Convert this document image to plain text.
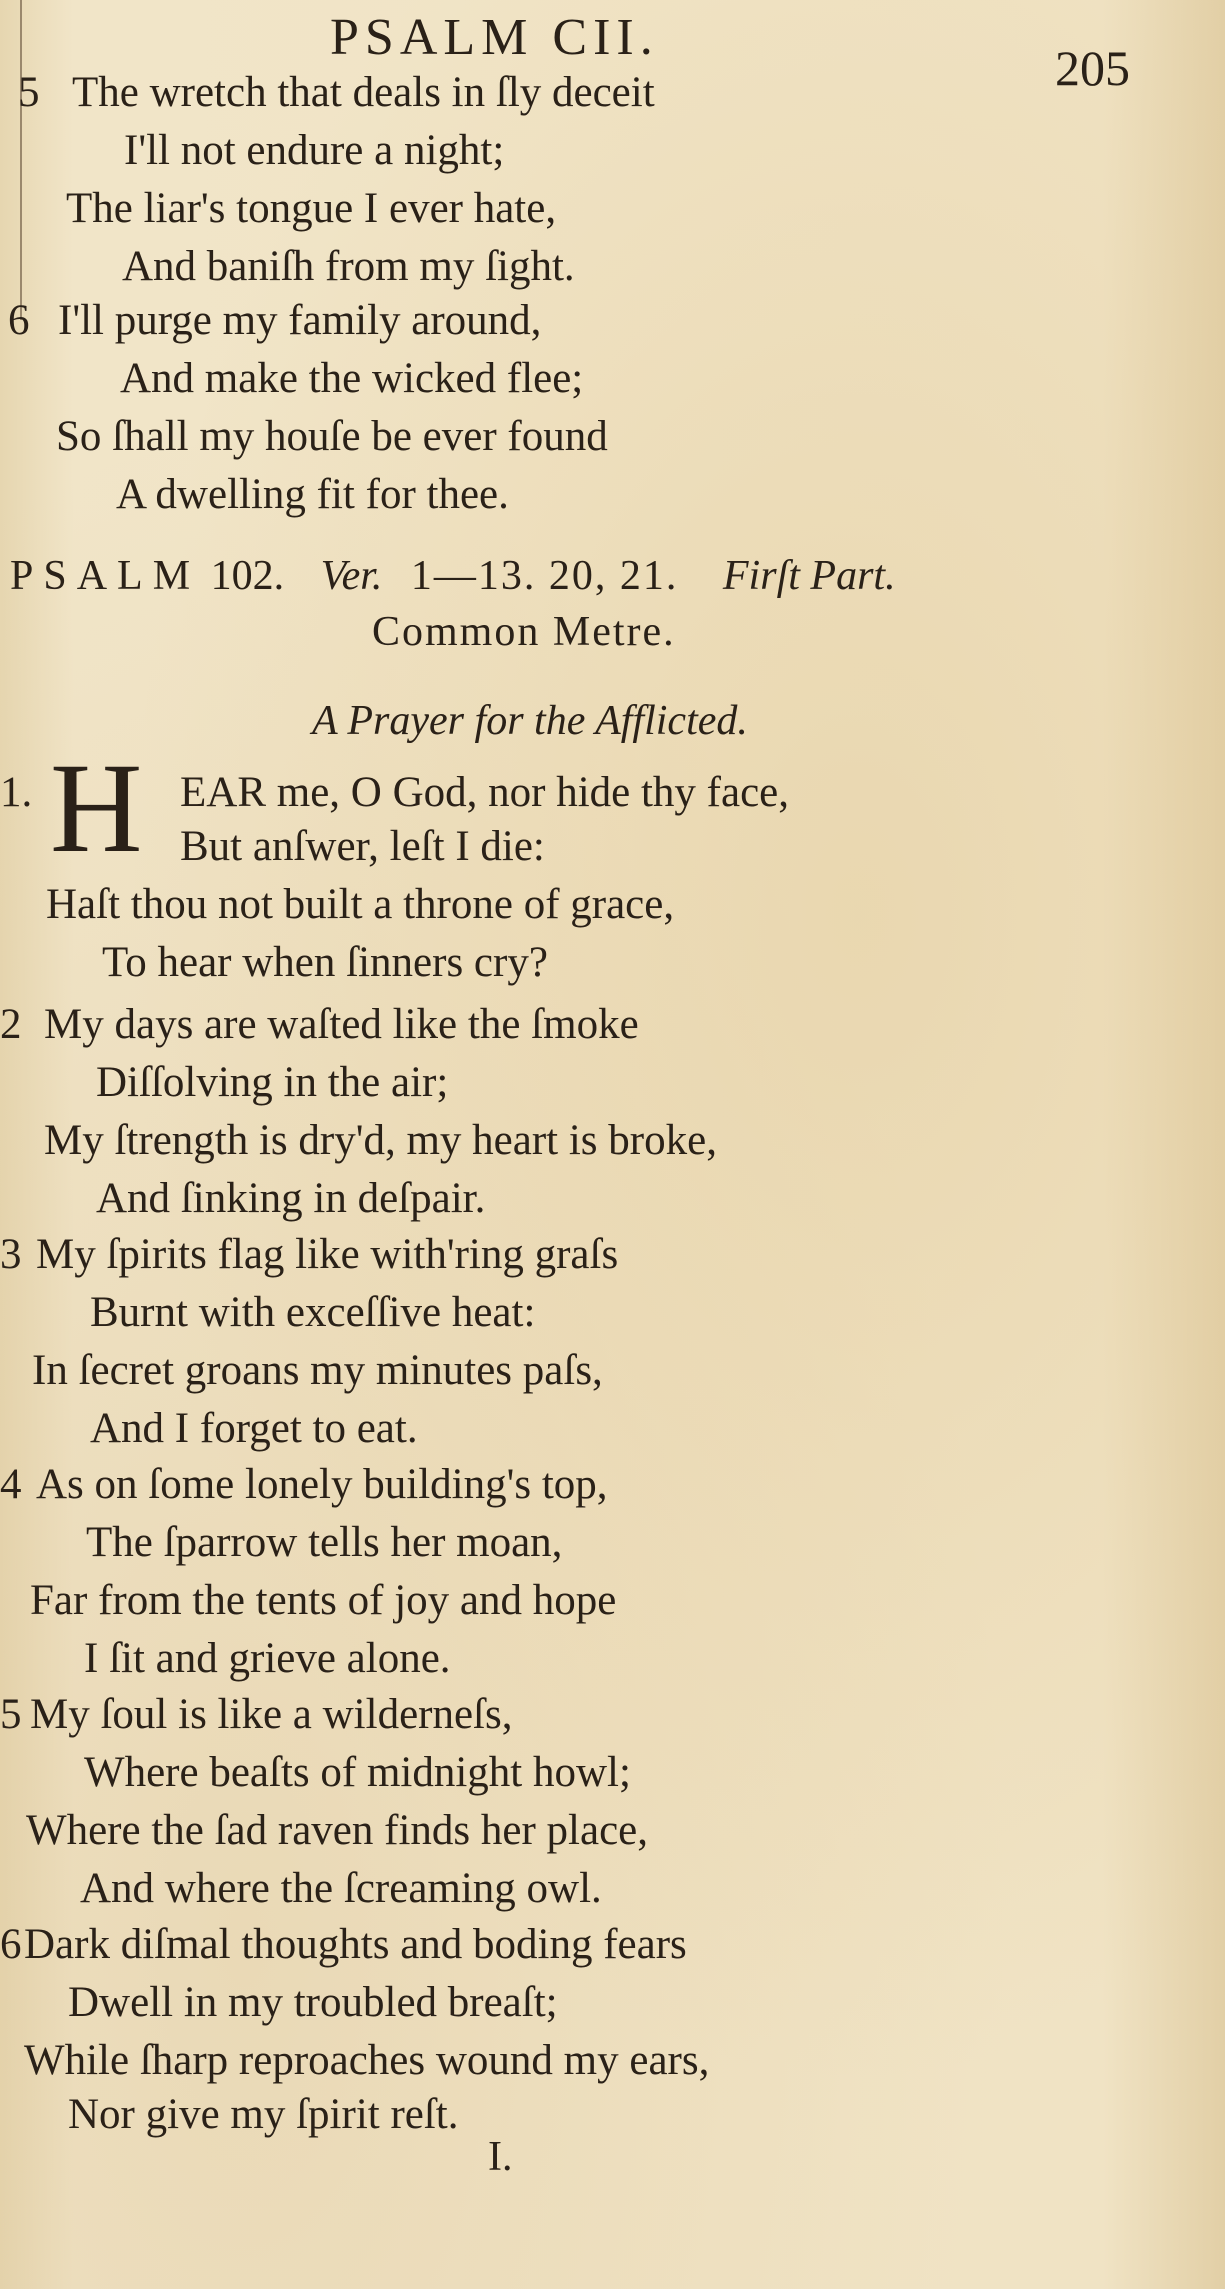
PSALM CII.
205
5 The wretch that deals in ſly deceit
I'll not endure a night;
The liar's tongue I ever hate,
And baniſh from my ſight.
6 I'll purge my family around,
And make the wicked flee;
So ſhall my houſe be ever found
A dwelling fit for thee.
PSALM 102. Ver. 1—13. 20, 21. Firſt Part.
Common Metre.
A Prayer for the Afflicted.
1. H EAR me, O God, nor hide thy face,
But anſwer, leſt I die:
Haſt thou not built a throne of grace,
To hear when ſinners cry?
2 My days are waſted like the ſmoke
Diſſolving in the air;
My ſtrength is dry'd, my heart is broke,
And ſinking in deſpair.
3 My ſpirits flag like with'ring graſs
Burnt with exceſſive heat:
In ſecret groans my minutes paſs,
And I forget to eat.
4 As on ſome lonely building's top,
The ſparrow tells her moan,
Far from the tents of joy and hope
I ſit and grieve alone.
5 My ſoul is like a wilderneſs,
Where beaſts of midnight howl;
Where the ſad raven finds her place,
And where the ſcreaming owl.
6 Dark diſmal thoughts and boding fears
Dwell in my troubled breaſt;
While ſharp reproaches wound my ears,
Nor give my ſpirit reſt.
I.
